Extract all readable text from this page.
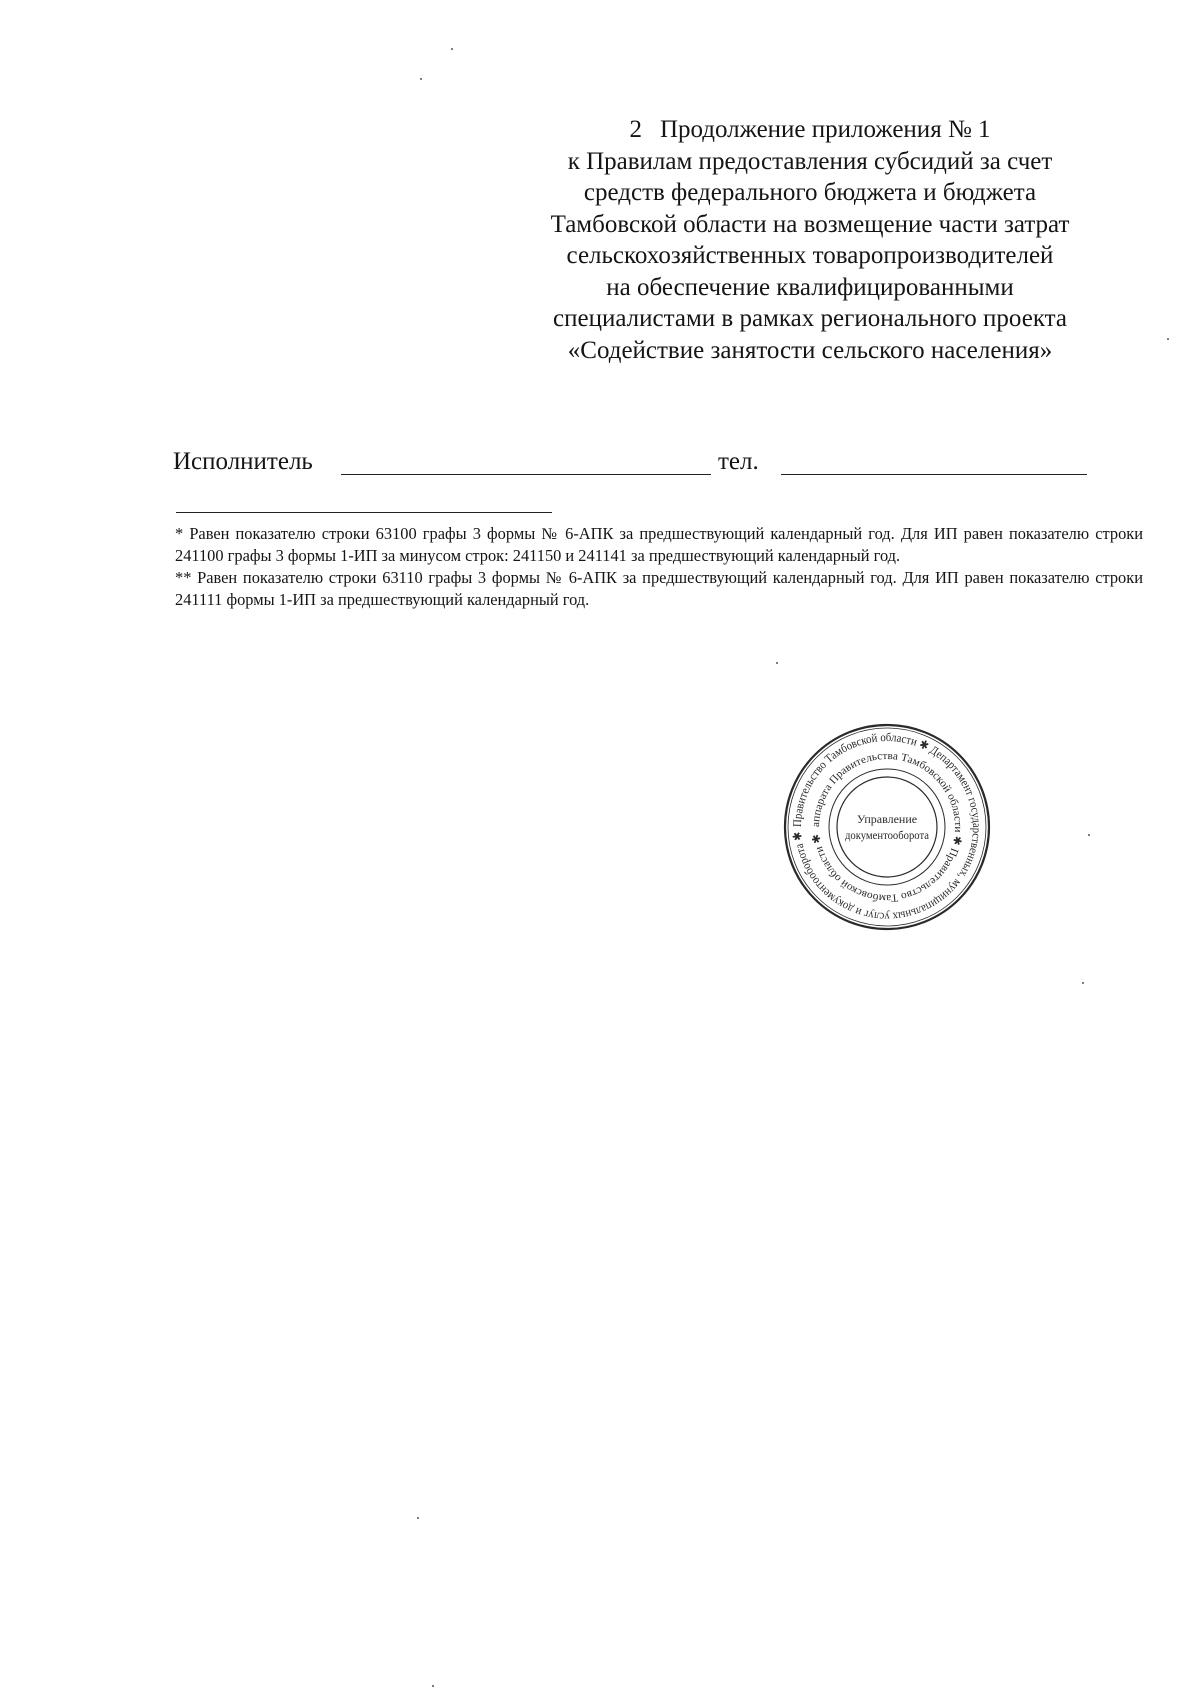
2 Продолжение приложения № 1
к Правилам предоставления субсидий за счет
средств федерального бюджета и бюджета
Тамбовской области на возмещение части затрат
сельскохозяйственных товаропроизводителей
на обеспечение квалифицированными
специалистами в рамках регионального проекта
«Содействие занятости сельского населения»
Исполнитель	тел.

* Равен показателю строки 63100 графы 3 формы № 6-АПК за предшествующий календарный год. Для ИП равен показателю строки 241100 графы 3 формы 1-ИП за минусом строк: 241150 и 241141 за предшествующий календарный год.

** Равен показателю строки 63110 графы 3 формы № 6-АПК за предшествующий календарный год. Для ИП равен показателю строки 241111 формы 1-ИП за предшествующий календарный год.

Правительство Тамбовской области ✱ Департамент государственных, муниципальных услуг и документооборота ✱
аппарата Правительства Тамбовской области ✱ Правительство Тамбовской области ✱
Управление
документооборота
